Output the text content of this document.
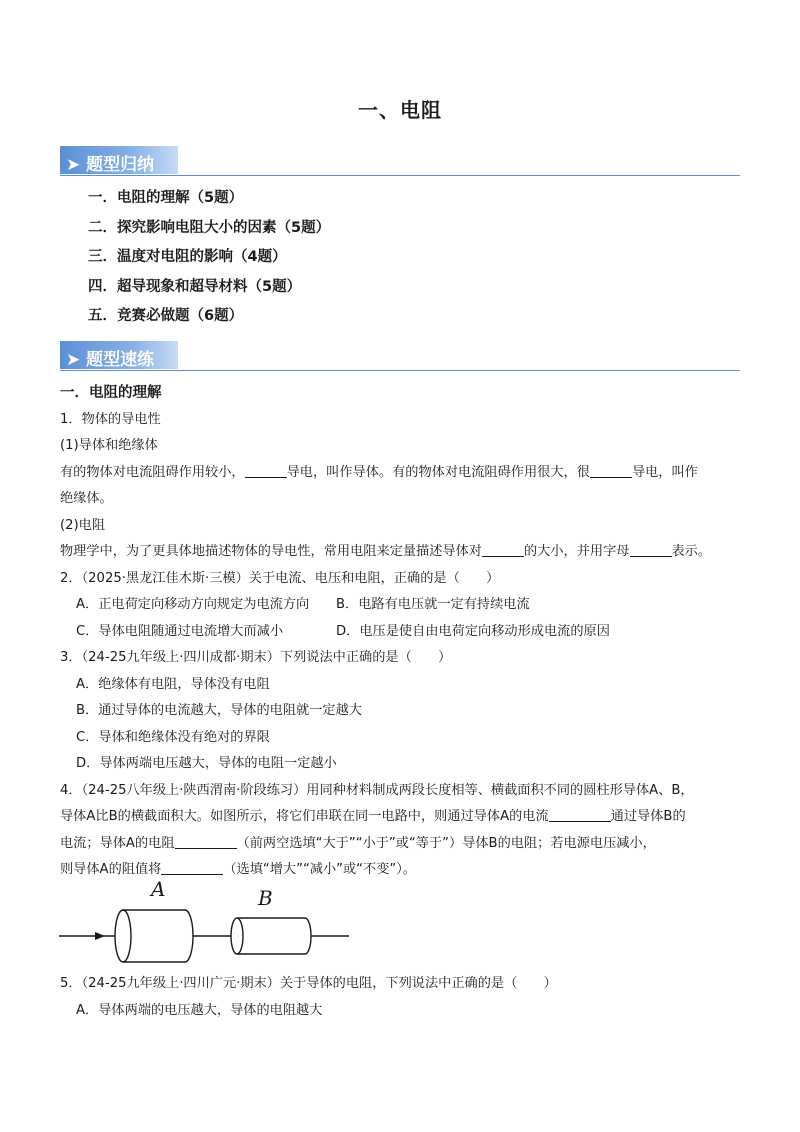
一、电阻
➤ 题型归纳
一．电阻的理解（5题）
二．探究影响电阻大小的因素（5题）
三．温度对电阻的影响（4题）
四．超导现象和超导材料（5题）
五．竞赛必做题（6题）
➤ 题型速练
一．电阻的理解
1．物体的导电性
(1)导体和绝缘体
有的物体对电流阻碍作用较小，	导电，叫作导体。有的物体对电流阻碍作用很大，很	导电，叫作
绝缘体。
(2)电阻
物理学中，为了更具体地描述物体的导电性，常用电阻来定量描述导体对	的大小，并用字母	表示。
2．（2025·黑龙江佳木斯·三模）关于电流、电压和电阻，正确的是（　　）
A．正电荷定向移动方向规定为电流方向 B．电路有电压就一定有持续电流
C．导体电阻随通过电流增大而减小	D．电压是使自由电荷定向移动形成电流的原因
3．（24-25九年级上·四川成都·期末）下列说法中正确的是（　　）
A．绝缘体有电阻，导体没有电阻
B．通过导体的电流越大，导体的电阻就一定越大
C．导体和绝缘体没有绝对的界限
D．导体两端电压越大，导体的电阻一定越小
4．（24-25八年级上·陕西渭南·阶段练习）用同种材料制成两段长度相等、横截面积不同的圆柱形导体A、B，
导体A比B的横截面积大。如图所示，将它们串联在同一电路中，则通过导体A的电流	通过导体B的
电流；导体A的电阻	（前两空选填“大于”“小于”或“等于”）导体B的电阻；若电源电压减小，
则导体A的阻值将	（选填“增大”“减小”或“不变”）。
A	B
5．（24-25九年级上·四川广元·期末）关于导体的电阻，下列说法中正确的是（　　）
A．导体两端的电压越大，导体的电阻越大
